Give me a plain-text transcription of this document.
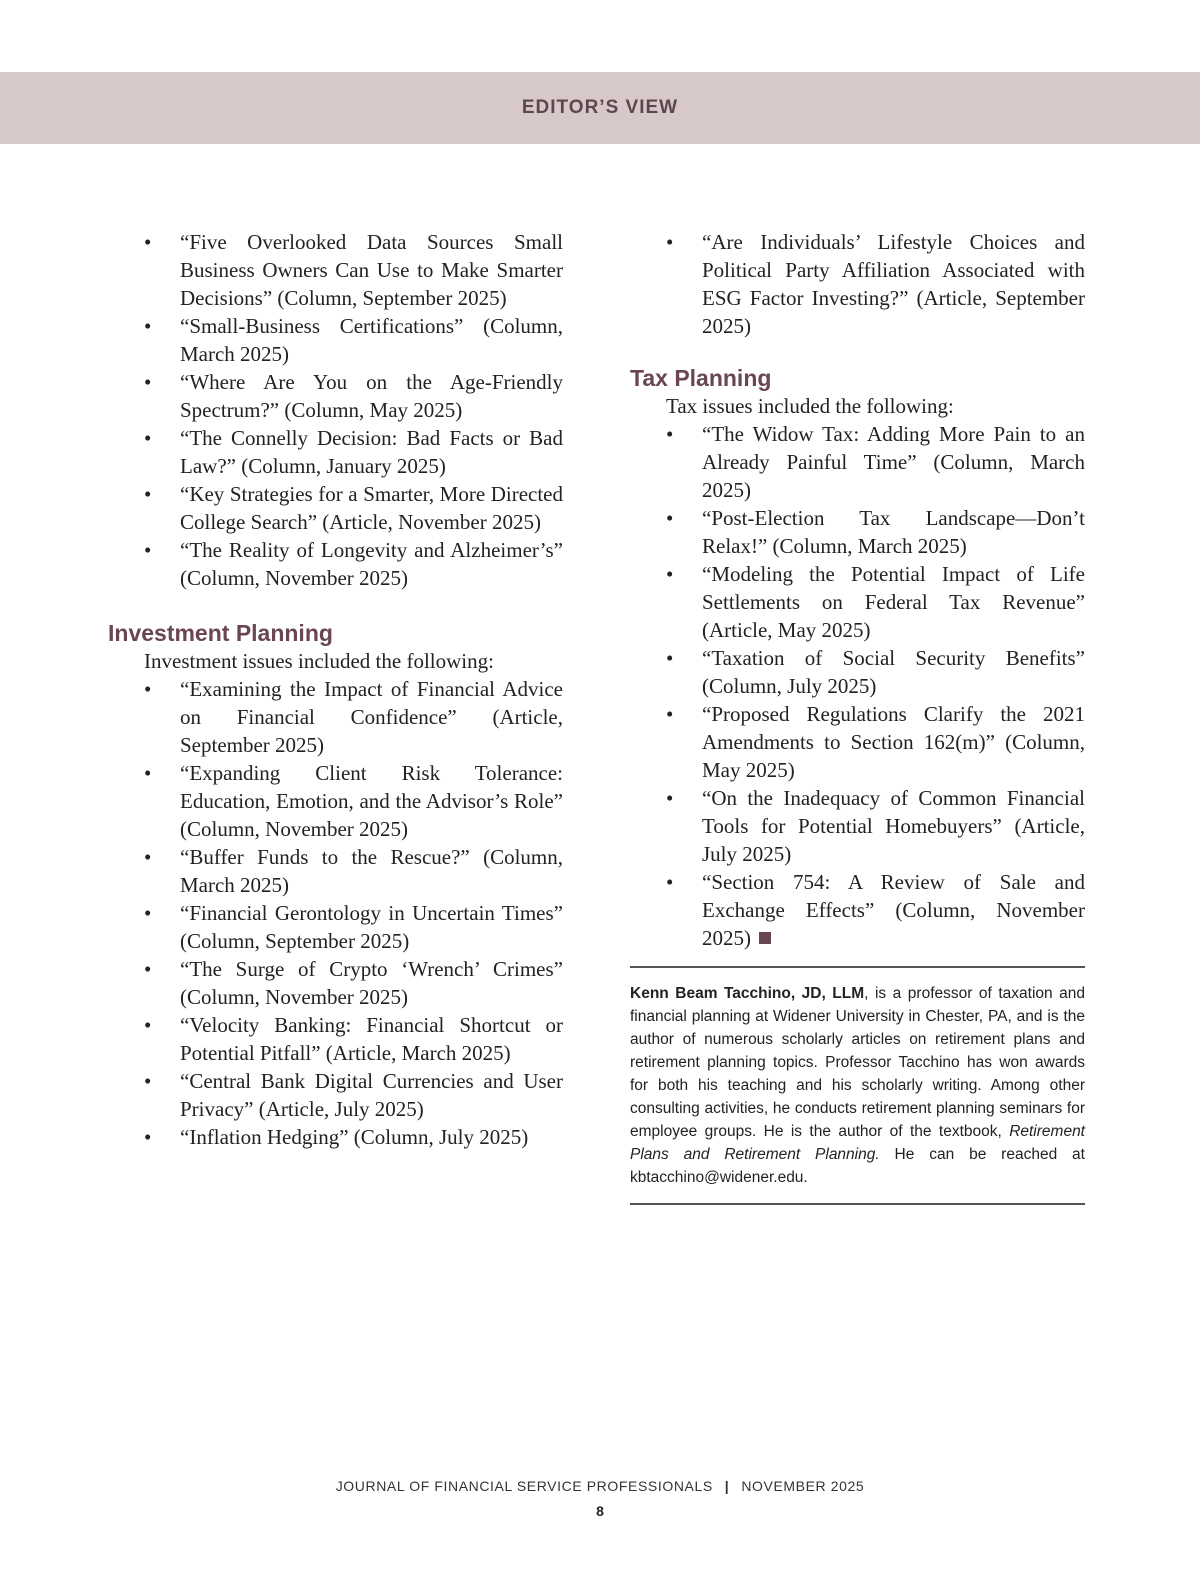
EDITOR’S VIEW
• “Five Overlooked Data Sources Small Business Owners Can Use to Make Smarter Decisions” (Column, September 2025)
• “Small-Business Certifications” (Column, March 2025)
• “Where Are You on the Age-Friendly Spectrum?” (Column, May 2025)
• “The Connelly Decision: Bad Facts or Bad Law?” (Column, January 2025)
• “Key Strategies for a Smarter, More Directed College Search” (Article, November 2025)
• “The Reality of Longevity and Alzheimer’s” (Column, November 2025)
Investment Planning

Investment issues included the following:

• “Examining the Impact of Financial Advice on Financial Confidence” (Article, September 2025)
• “Expanding Client Risk Tolerance: Education, Emotion, and the Advisor’s Role” (Column, November 2025)
• “Buffer Funds to the Rescue?” (Column, March 2025)
• “Financial Gerontology in Uncertain Times” (Column, September 2025)
• “The Surge of Crypto ‘Wrench’ Crimes” (Column, November 2025)
• “Velocity Banking: Financial Shortcut or Potential Pitfall” (Article, March 2025)
• “Central Bank Digital Currencies and User Privacy” (Article, July 2025)
• “Inflation Hedging” (Column, July 2025)
• “Are Individuals’ Lifestyle Choices and Political Party Affiliation Associated with ESG Factor Investing?” (Article, September 2025)
Tax Planning

Tax issues included the following:

• “The Widow Tax: Adding More Pain to an Already Painful Time” (Column, March 2025)
• “Post-Election Tax Landscape—Don’t Relax!” (Column, March 2025)
• “Modeling the Potential Impact of Life Settlements on Federal Tax Revenue” (Article, May 2025)
• “Taxation of Social Security Benefits” (Column, July 2025)
• “Proposed Regulations Clarify the 2021 Amendments to Section 162(m)” (Column, May 2025)
• “On the Inadequacy of Common Financial Tools for Potential Homebuyers” (Article, July 2025)
• “Section 754: A Review of Sale and Exchange Effects” (Column, November 2025)
Kenn Beam Tacchino, JD, LLM, is a professor of taxation and financial planning at Widener University in Chester, PA, and is the author of numerous scholarly articles on retirement plans and retirement planning topics. Professor Tacchino has won awards for both his teaching and his scholarly writing. Among other consulting activities, he conducts retirement planning seminars for employee groups. He is the author of the textbook, Retirement Plans and Retirement Planning. He can be reached at kbtacchino@widener.edu.
JOURNAL OF FINANCIAL SERVICE PROFESSIONALS | NOVEMBER 2025
8
